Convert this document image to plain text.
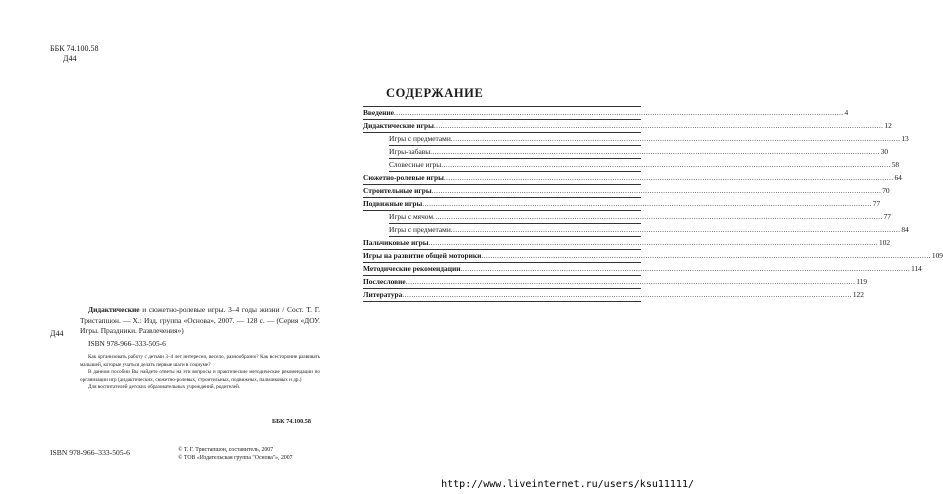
ББК 74.100.58
Д44
Д44
Дидактические и сюжетно-ролевые игры. 3–4 годы жизни / Сост. Т. Г. Тристапшон. — Х.: Изд. группа «Основа», 2007. — 128 с. — (Серия «ДОУ. Игры. Праздники. Развлечения»)
ISBN 978-966–333-505-6

Как организовать работу с детьми 3–4 лет интересно, весело, разнообразно? Как всесторонне развивать малышей, которые учаться делать первые шаги в социуме?

В данном пособии Вы найдете ответы на эти вопросы и практические методические рекомендации по организации игр (дидактических, сюжетно-ролевых, строительных, подвижных, пальчиковых и др.)

Для воспитателей детских образовательных учреждений, родителей.

ББК 74.100.58
ISBN 978-966–333-505-6	© Т. Г. Тристапшон, составитель, 2007
© ТОВ «Издательская группа "Основа"», 2007
СОДЕРЖАНИЕ
Введение ........................................................................................................................................................................................................ 4
Дидактические игры ........................................................................................................................................................................................................ 12
Игры с предметами ........................................................................................................................................................................................................ 13
Игры-забавы ........................................................................................................................................................................................................ 30
Словесные игры ........................................................................................................................................................................................................ 58
Сюжетно-ролевые игры ........................................................................................................................................................................................................ 64
Строительные игры ........................................................................................................................................................................................................ 70
Подвижные игры ........................................................................................................................................................................................................ 77
Игры с мячом ........................................................................................................................................................................................................ 77
Игры с предметами ........................................................................................................................................................................................................ 84
Пальчиковые игры ........................................................................................................................................................................................................ 102
Игры на развитие общей моторики ........................................................................................................................................................................................................ 109
Методические рекомендации ........................................................................................................................................................................................................ 114
Послесловие ........................................................................................................................................................................................................ 119
Литература ........................................................................................................................................................................................................ 122
http://www.liveinternet.ru/users/ksu11111/
